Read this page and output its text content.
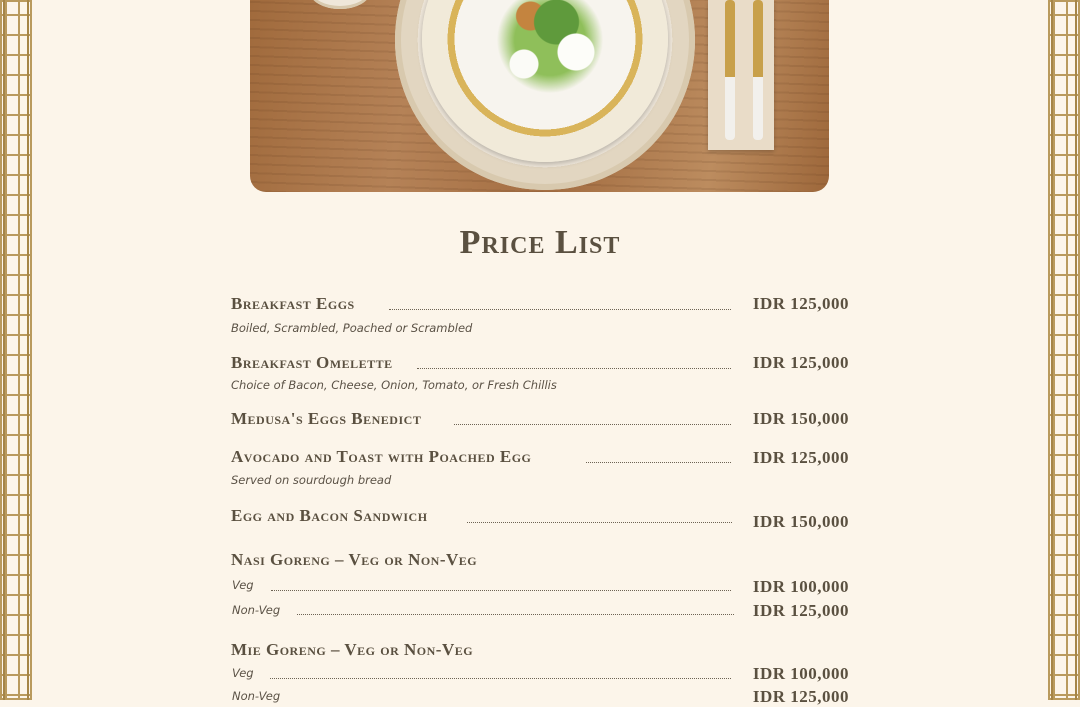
Price List
Breakfast Eggs	IDR 125,000
Boiled, Scrambled, Poached or Scrambled
Breakfast Omelette	IDR 125,000
Choice of Bacon, Cheese, Onion, Tomato, or Fresh Chillis
Medusa's Eggs Benedict	IDR 150,000
Avocado and Toast with Poached Egg	IDR 125,000
Served on sourdough bread
Egg and Bacon Sandwich	IDR 150,000
Nasi Goreng – Veg or Non-Veg
Veg	IDR 100,000
Non-Veg	IDR 125,000
Mie Goreng – Veg or Non-Veg
Veg	IDR 100,000
Non-Veg	IDR 125,000
